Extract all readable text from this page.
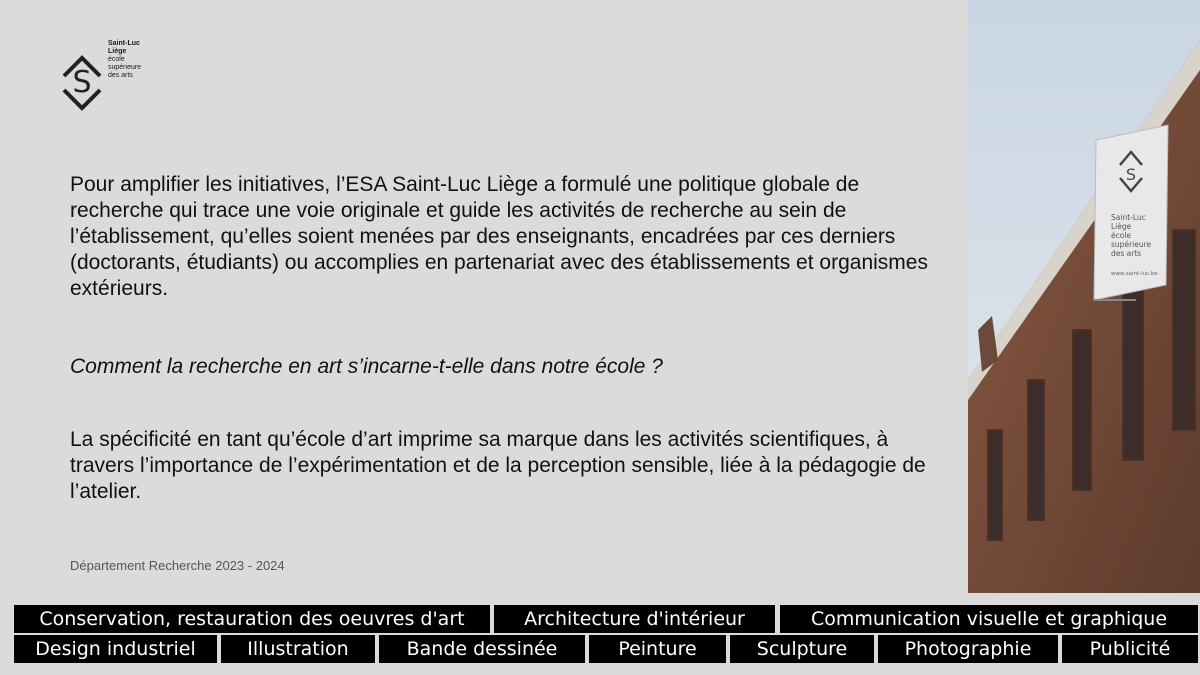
S
Saint-Luc
Liège
école
supérieure
des arts

Pour amplifier les initiatives, l’ESA Saint-Luc Liège a formulé une politique globale de recherche qui trace une voie originale et guide les activités de recherche au sein de l’établissement, qu’elles soient menées par des enseignants, encadrées par ces derniers (doctorants, étudiants) ou accomplies en partenariat avec des établissements et organismes extérieurs.

Comment la recherche en art s’incarne-t-elle dans notre école ?

La spécificité en tant qu’école d’art imprime sa marque dans les activités scientifiques, à travers l’importance de l’expérimentation et de la perception sensible, liée à la pédagogie de l’atelier.

Département Recherche 2023 - 2024
S
Saint-Luc
Liège
école
supérieure
des arts
www.saint-luc.be
Conservation, restauration des oeuvres d'art	Architecture d'intérieur	Communication visuelle et graphique
Design industriel	Illustration	Bande dessinée	Peinture	Sculpture	Photographie	Publicité
